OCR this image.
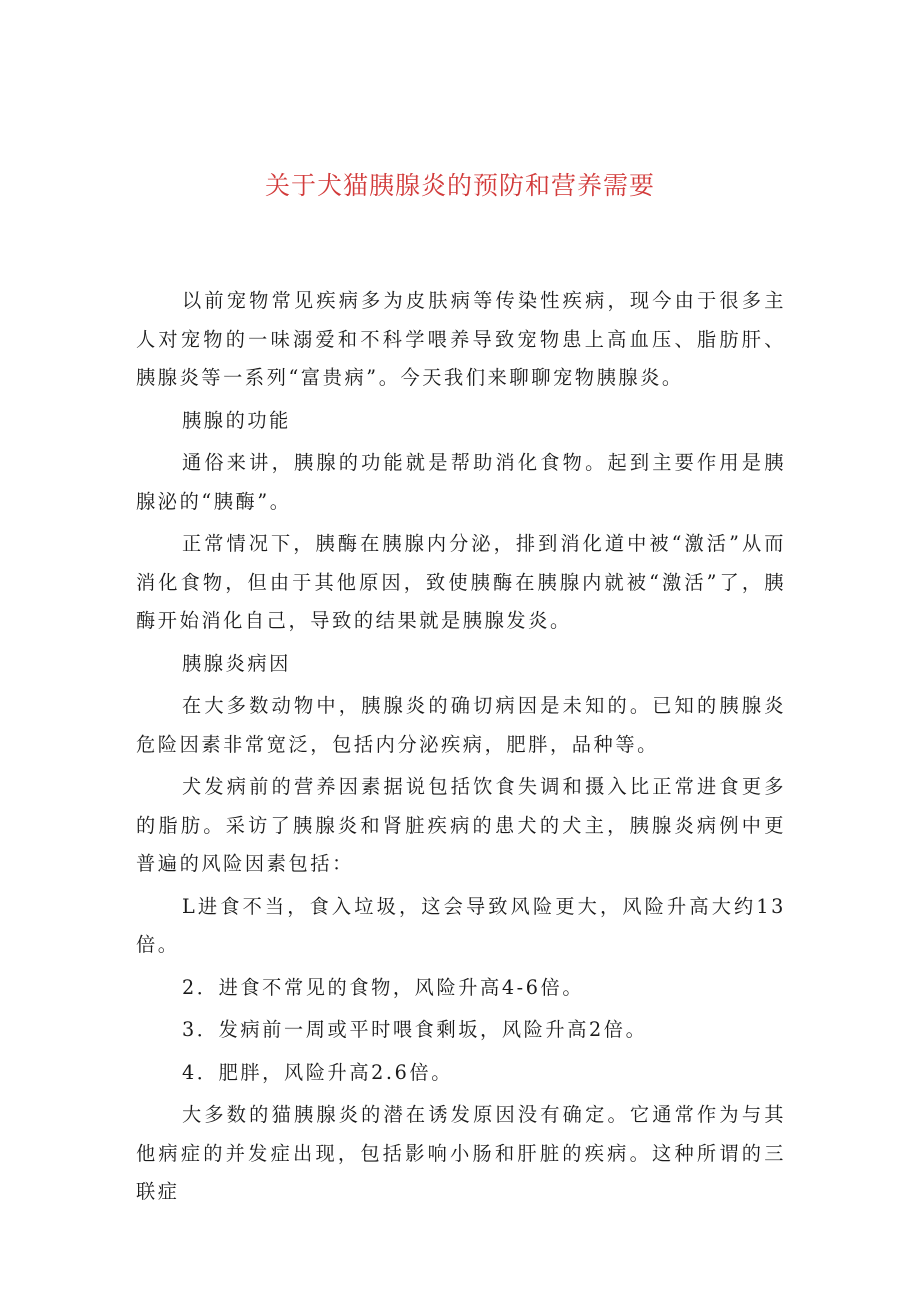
关于犬猫胰腺炎的预防和营养需要

以前宠物常见疾病多为皮肤病等传染性疾病，现今由于很多主人对宠物的一味溺爱和不科学喂养导致宠物患上高血压、脂肪肝、胰腺炎等一系列“富贵病”。今天我们来聊聊宠物胰腺炎。

胰腺的功能

通俗来讲，胰腺的功能就是帮助消化食物。起到主要作用是胰腺泌的“胰酶”。

正常情况下，胰酶在胰腺内分泌，排到消化道中被“激活”从而消化食物，但由于其他原因，致使胰酶在胰腺内就被“激活”了，胰酶开始消化自己，导致的结果就是胰腺发炎。

胰腺炎病因

在大多数动物中，胰腺炎的确切病因是未知的。已知的胰腺炎危险因素非常宽泛，包括内分泌疾病，肥胖，品种等。

犬发病前的营养因素据说包括饮食失调和摄入比正常进食更多的脂肪。采访了胰腺炎和肾脏疾病的患犬的犬主，胰腺炎病例中更普遍的风险因素包括：

L进食不当，食入垃圾，这会导致风险更大，风险升高大约13倍。

2．进食不常见的食物，风险升高4-6倍。

3．发病前一周或平时喂食剩坂，风险升高2倍。

4．肥胖，风险升高2.6倍。

大多数的猫胰腺炎的潜在诱发原因没有确定。它通常作为与其他病症的并发症出现，包括影响小肠和肝脏的疾病。这种所谓的三联症
